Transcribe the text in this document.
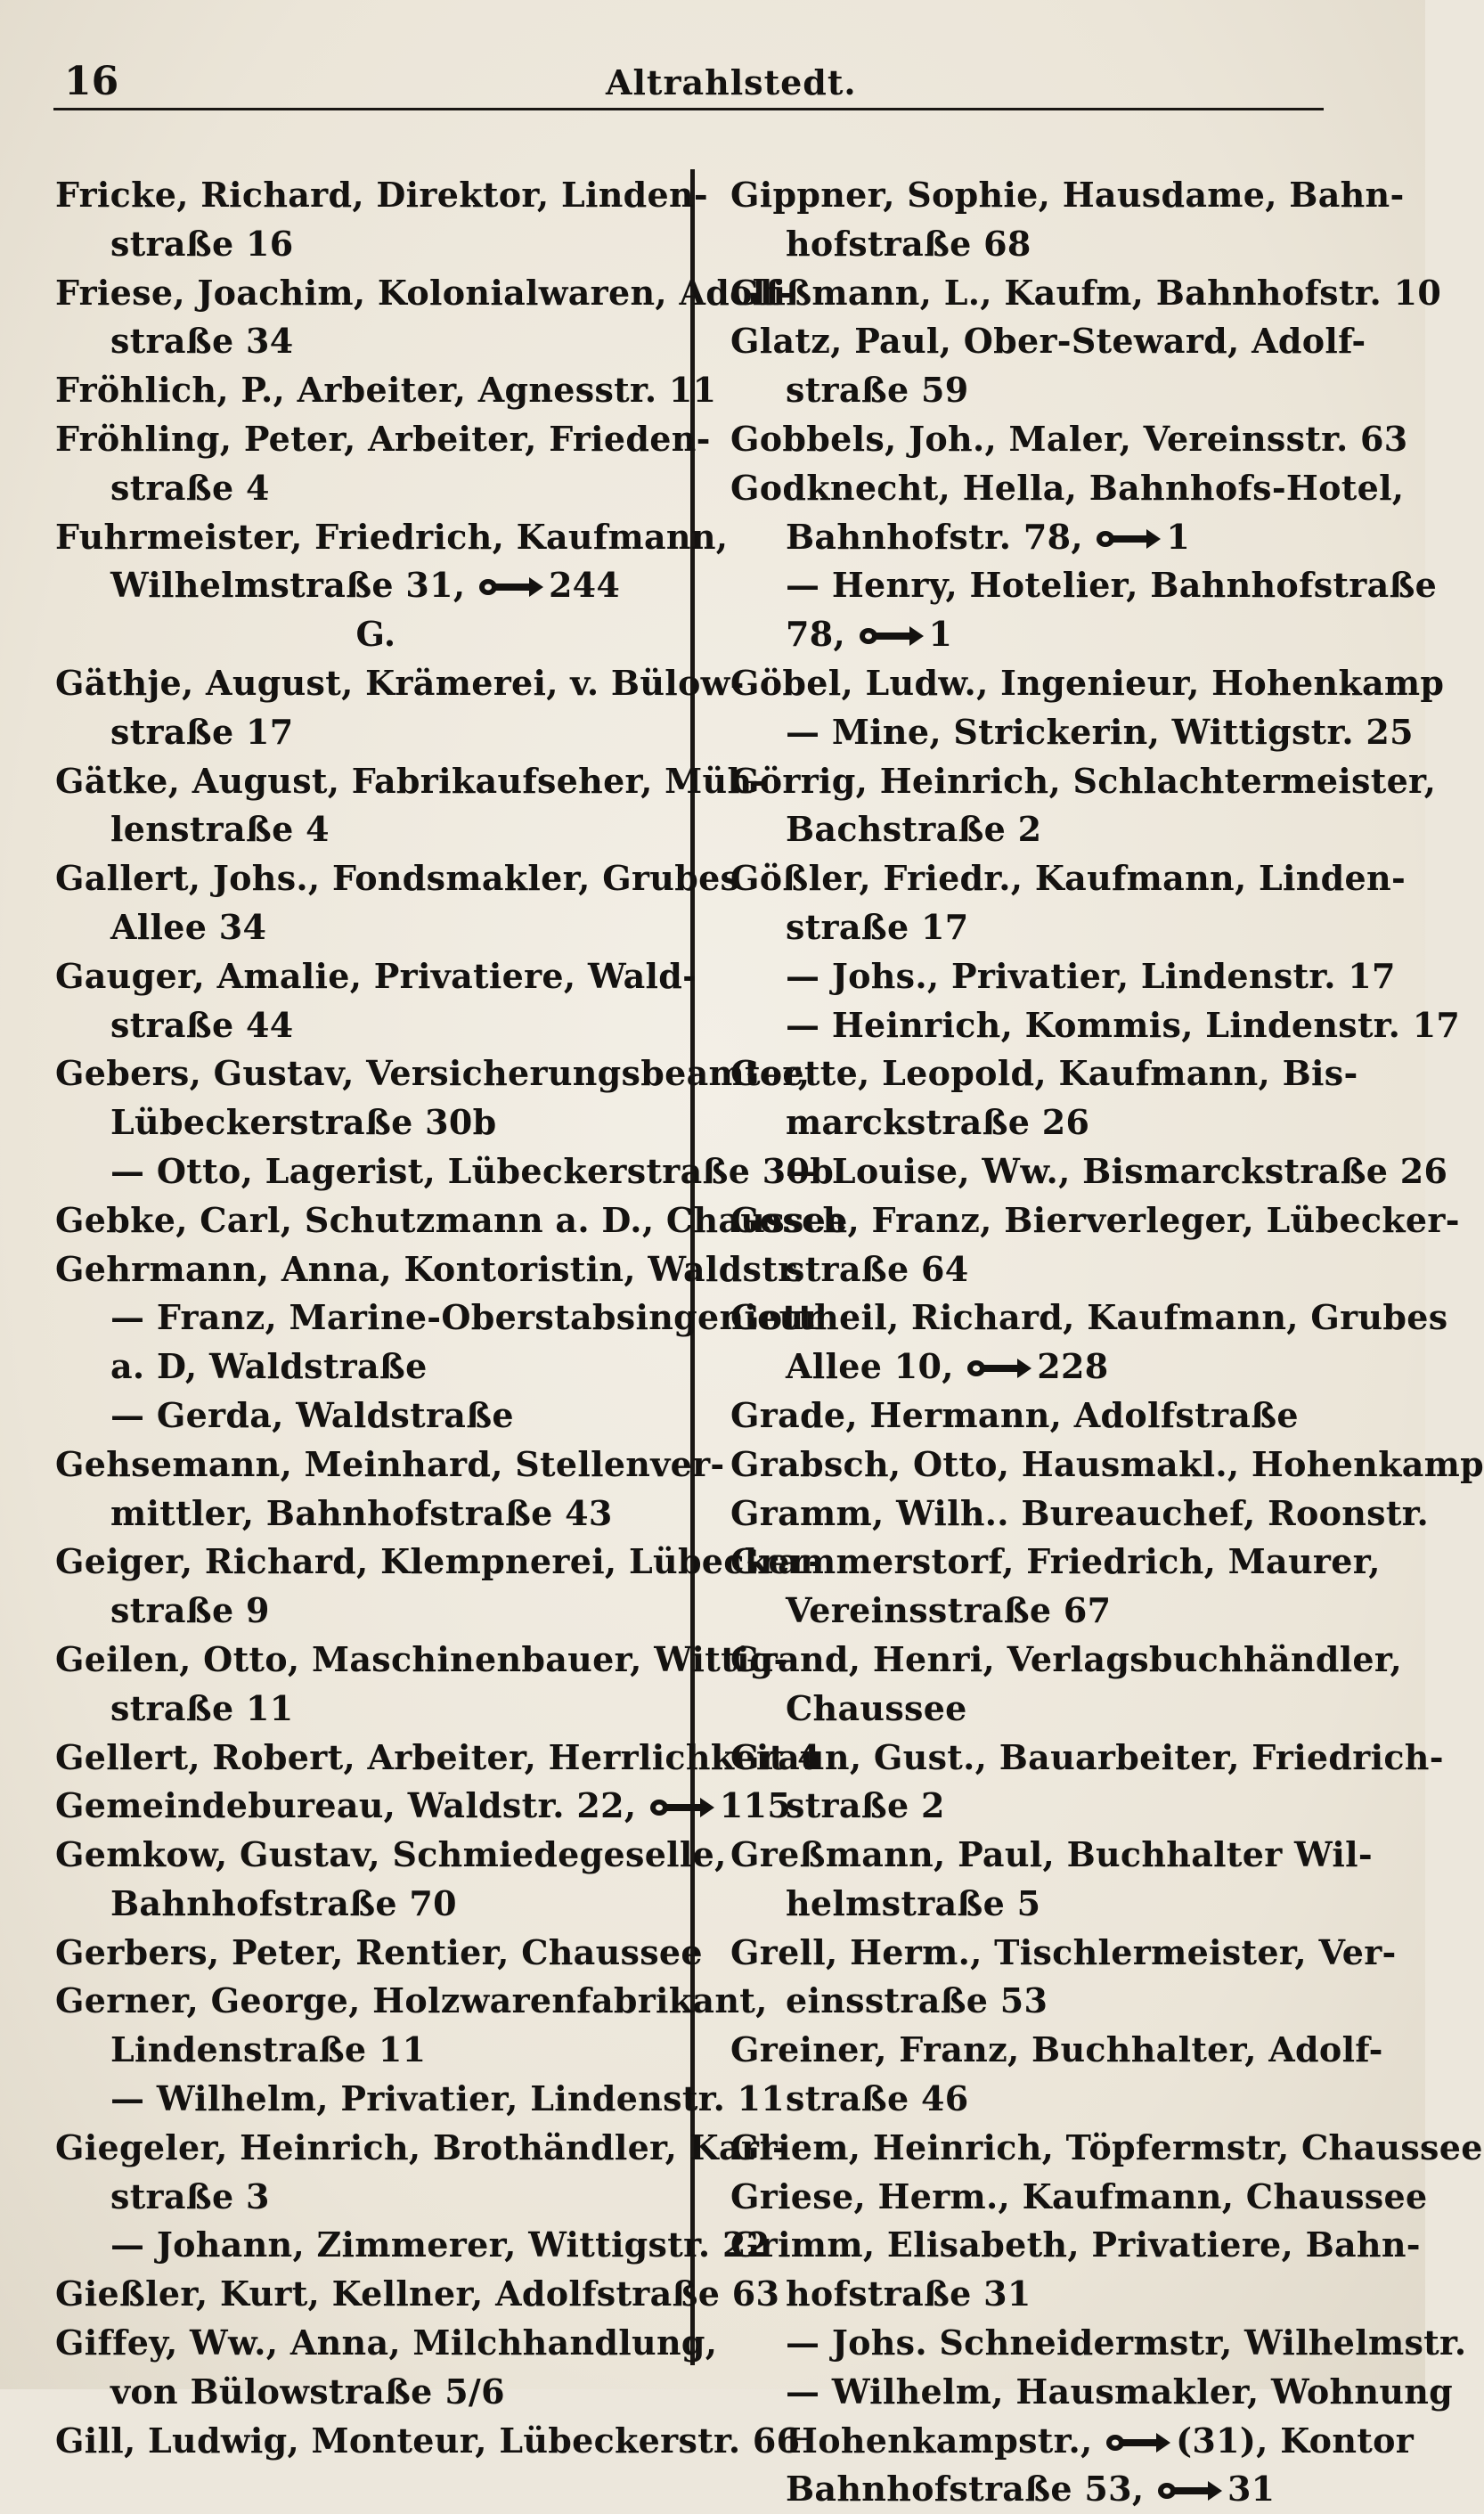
16	Altrahlstedt.
Fricke, Richard, Direktor, Linden-
straße 16
Friese, Joachim, Kolonialwaren, Adolf-
straße 34
Fröhlich, P., Arbeiter, Agnesstr. 11
Fröhling, Peter, Arbeiter, Frieden-
straße 4
Fuhrmeister, Friedrich, Kaufmann,
Wilhelmstraße 31, 244
G.
Gäthje, August, Krämerei, v. Bülow-
straße 17
Gätke, August, Fabrikaufseher, Müh-
lenstraße 4
Gallert, Johs., Fondsmakler, Grubes
Allee 34
Gauger, Amalie, Privatiere, Wald-
straße 44
Gebers, Gustav, Versicherungsbeamter,
Lübeckerstraße 30b
— Otto, Lagerist, Lübeckerstraße 30b
Gebke, Carl, Schutzmann a. D., Chaussee
Gehrmann, Anna, Kontoristin, Waldstr.
— Franz, Marine-Oberstabsingenieur
a. D, Waldstraße
— Gerda, Waldstraße
Gehsemann, Meinhard, Stellenver-
mittler, Bahnhofstraße 43
Geiger, Richard, Klempnerei, Lübecker-
straße 9
Geilen, Otto, Maschinenbauer, Wittig-
straße 11
Gellert, Robert, Arbeiter, Herrlichkeit 4
Gemeindebureau, Waldstr. 22, 115
Gemkow, Gustav, Schmiedegeselle,
Bahnhofstraße 70
Gerbers, Peter, Rentier, Chaussee
Gerner, George, Holzwarenfabrikant,
Lindenstraße 11
— Wilhelm, Privatier, Lindenstr. 11
Giegeler, Heinrich, Brothändler, Karl-
straße 3
— Johann, Zimmerer, Wittigstr. 22
Gießler, Kurt, Kellner, Adolfstraße 63
Giffey, Ww., Anna, Milchhandlung,
von Bülowstraße 5/6
Gill, Ludwig, Monteur, Lübeckerstr. 66
Gippner, Sophie, Hausdame, Bahn-
hofstraße 68
Glißmann, L., Kaufm, Bahnhofstr. 10
Glatz, Paul, Ober-Steward, Adolf-
straße 59
Gobbels, Joh., Maler, Vereinsstr. 63
Godknecht, Hella, Bahnhofs-Hotel,
Bahnhofstr. 78, 1
— Henry, Hotelier, Bahnhofstraße
78, 1
Göbel, Ludw., Ingenieur, Hohenkamp
— Mine, Strickerin, Wittigstr. 25
Görrig, Heinrich, Schlachtermeister,
Bachstraße 2
Gößler, Friedr., Kaufmann, Linden-
straße 17
— Johs., Privatier, Lindenstr. 17
— Heinrich, Kommis, Lindenstr. 17
Goette, Leopold, Kaufmann, Bis-
marckstraße 26
— Louise, Ww., Bismarckstraße 26
Gosch, Franz, Bierverleger, Lübecker-
straße 64
Gottheil, Richard, Kaufmann, Grubes
Allee 10, 228
Grade, Hermann, Adolfstraße
Grabsch, Otto, Hausmakl., Hohenkamp
Gramm, Wilh.. Bureauchef, Roonstr.
Grammerstorf, Friedrich, Maurer,
Vereinsstraße 67
Grand, Henri, Verlagsbuchhändler,
Chaussee
Graun, Gust., Bauarbeiter, Friedrich-
straße 2
Greßmann, Paul, Buchhalter Wil-
helmstraße 5
Grell, Herm., Tischlermeister, Ver-
einsstraße 53
Greiner, Franz, Buchhalter, Adolf-
straße 46
Griem, Heinrich, Töpfermstr, Chaussee
Griese, Herm., Kaufmann, Chaussee
Grimm, Elisabeth, Privatiere, Bahn-
hofstraße 31
— Johs. Schneidermstr, Wilhelmstr.
— Wilhelm, Hausmakler, Wohnung
Hohenkampstr., (31), Kontor
Bahnhofstraße 53, 31
